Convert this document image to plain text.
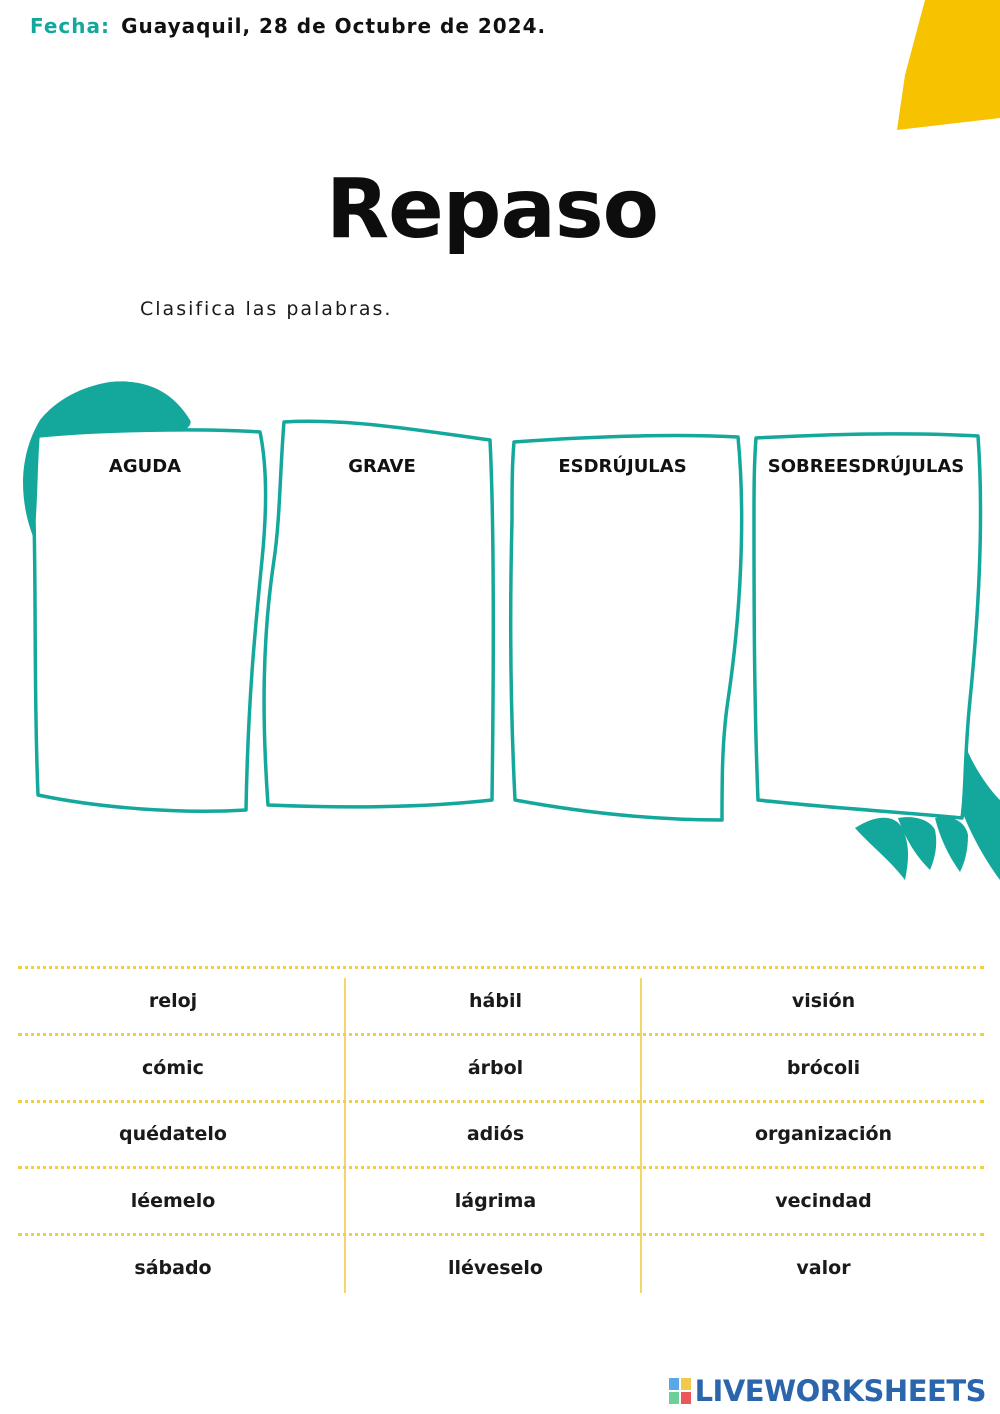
Fecha: Guayaquil, 28 de Octubre de 2024.
Repaso
Clasifica las palabras.
AGUDA	GRAVE	ESDRÚJULAS	SOBREESDRÚJULAS
reloj	hábil	visión
cómic	árbol	brócoli
quédatelo	adiós	organización
léemelo	lágrima	vecindad
sábado	lléveselo	valor
LIVEWORKSHEETS
